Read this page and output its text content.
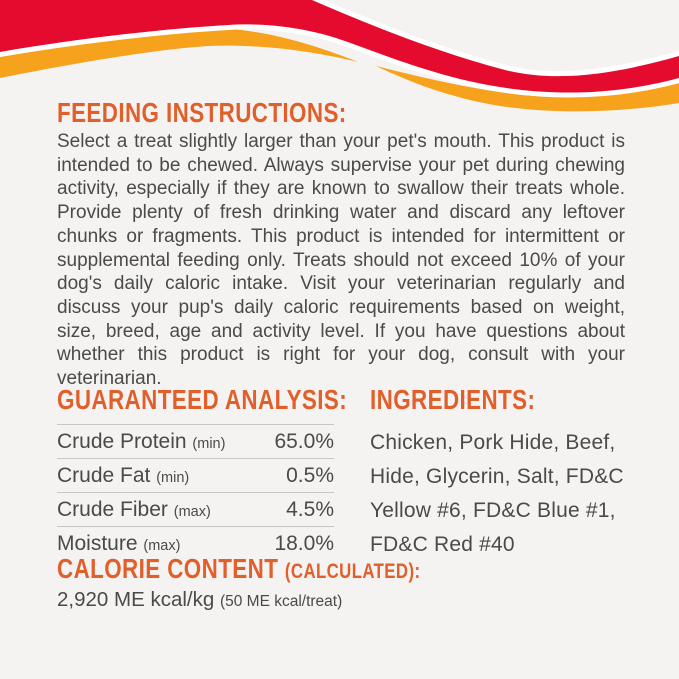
FEEDING INSTRUCTIONS:
Select a treat slightly larger than your pet's mouth. This product is intended to be chewed. Always supervise your pet during chewing activity, especially if they are known to swallow their treats whole. Provide plenty of fresh drinking water and discard any leftover chunks or fragments. This product is intended for intermittent or supplemental feeding only. Treats should not exceed 10% of your dog's daily caloric intake. Visit your veterinarian regularly and discuss your pup's daily caloric requirements based on weight, size, breed, age and activity level. If you have questions about whether this product is right for your dog, consult with your veterinarian.
GUARANTEED ANALYSIS:
Crude Protein (min) 65.0%
Crude Fat (min)	0.5%
Crude Fiber (max)	4.5%
Moisture (max)	18.0%
INGREDIENTS:
Chicken, Pork Hide, Beef, Hide, Glycerin, Salt, FD&C Yellow #6, FD&C Blue #1, FD&C Red #40
CALORIE CONTENT (CALCULATED):
2,920 ME kcal/kg (50 ME kcal/treat)
